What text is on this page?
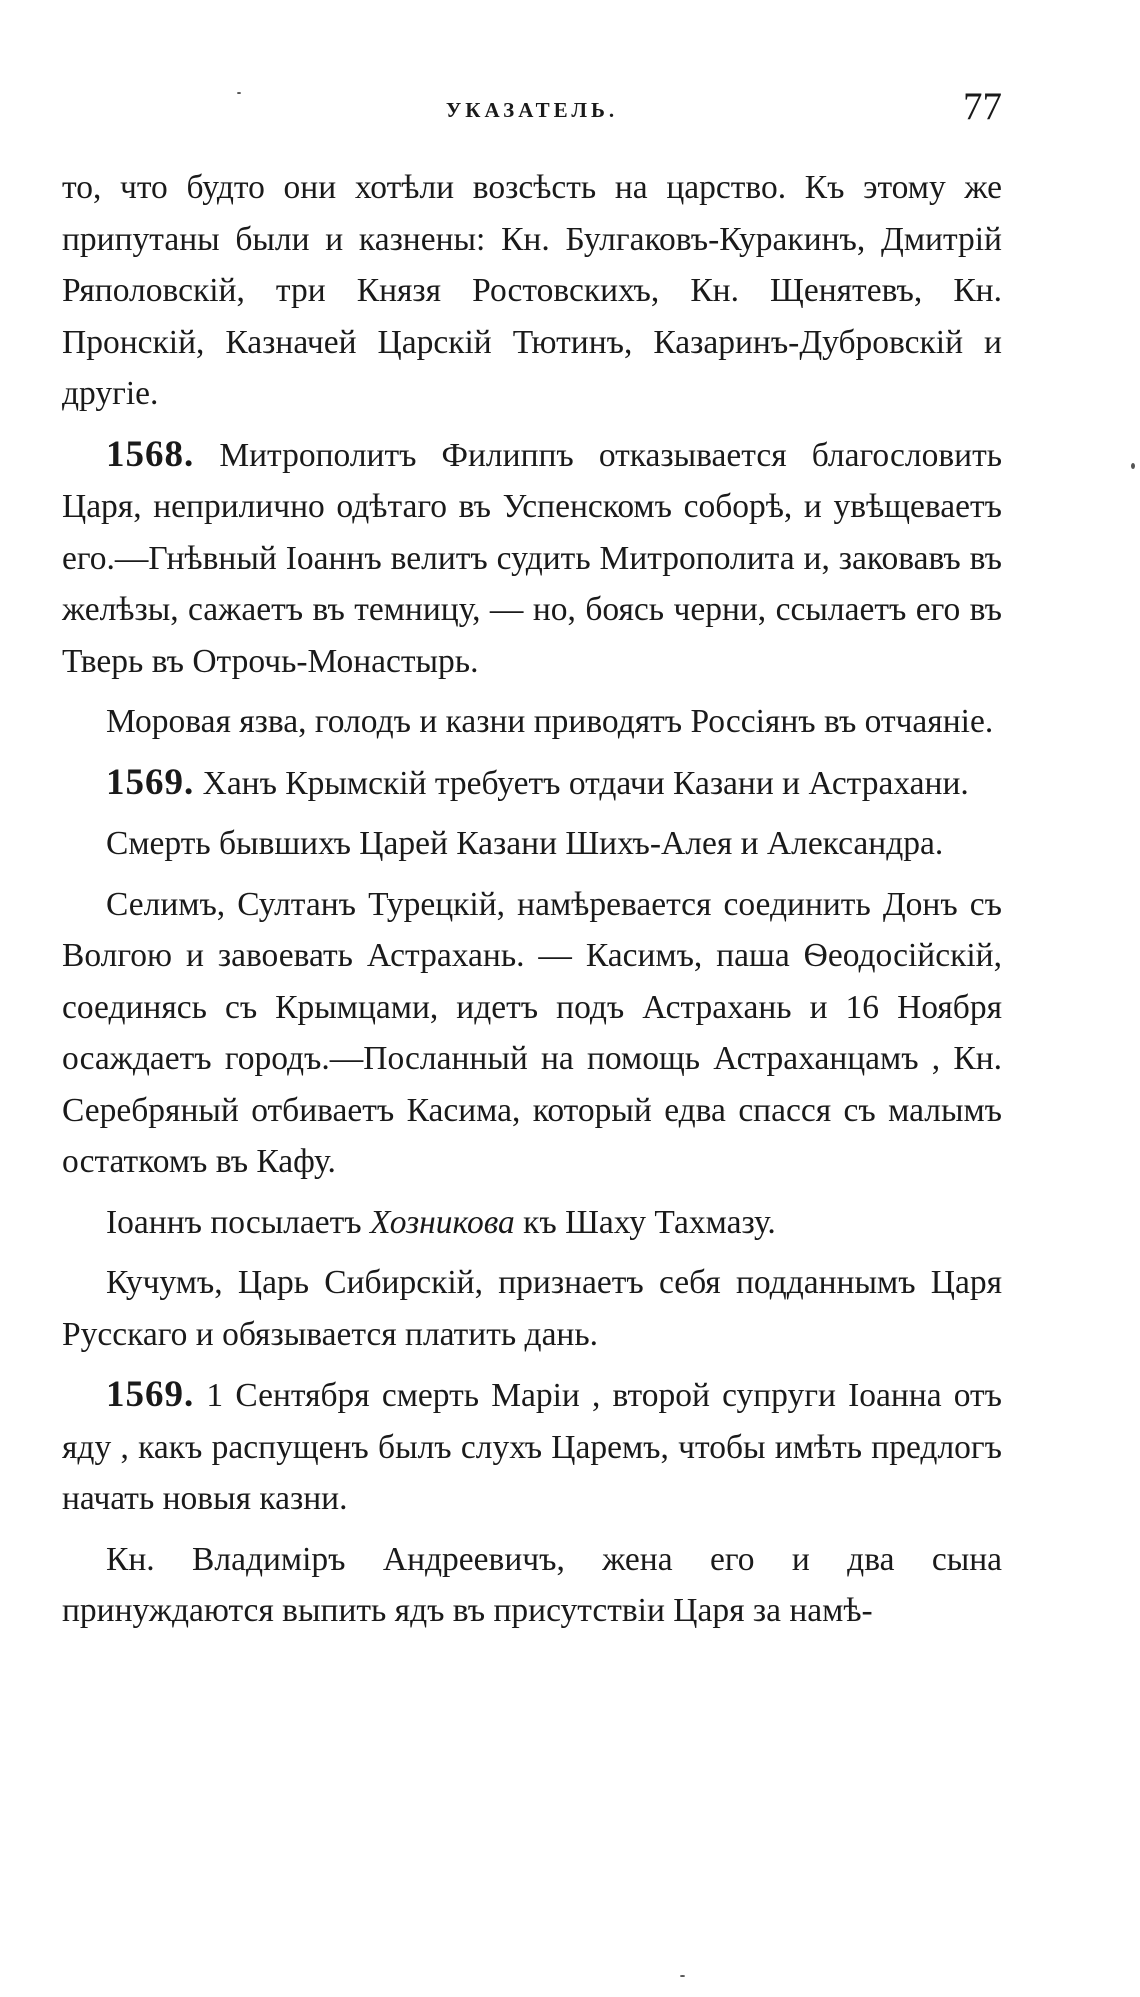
УКАЗАТЕЛЬ.	77

то, что будто они хотѣли возсѣсть на царство. Къ этому же припутаны были и казнены: Кн. Булгаковъ-Куракинъ, Дмитрій Ряполовскій, три Князя Ростовскихъ, Кн. Щенятевъ, Кн. Пронскій, Казначей Царскій Тютинъ, Казаринъ-Дубровскій и другіе.

1568. Митрополитъ Филиппъ отказывается благословить Царя, неприлично одѣтаго въ Успенскомъ соборѣ, и увѣщеваетъ его.—Гнѣвный Іоаннъ велитъ судить Митрополита и, заковавъ въ желѣзы, сажаетъ въ темницу, — но, боясь черни, ссылаетъ его въ Тверь въ Отрочь-Монастырь.

Моровая язва, голодъ и казни приводятъ Россіянъ въ отчаяніе.

1569. Ханъ Крымскій требуетъ отдачи Казани и Астрахани.

Смерть бывшихъ Царей Казани Шихъ-Алея и Александра.

Селимъ, Султанъ Турецкій, намѣревается соединить Донъ съ Волгою и завоевать Астрахань. — Касимъ, паша Ѳеодосійскій, соединясь съ Крымцами, идетъ подъ Астрахань и 16 Ноября осаждаетъ городъ.—Посланный на помощь Астраханцамъ , Кн. Серебряный отбиваетъ Касима, который едва спасся съ малымъ остаткомъ въ Кафу.

Іоаннъ посылаетъ Хозникова къ Шаху Тахмазу.

Кучумъ, Царь Сибирскій, признаетъ себя подданнымъ Царя Русскаго и обязывается платить дань.

1569. 1 Сентября смерть Маріи , второй супруги Іоанна отъ яду , какъ распущенъ былъ слухъ Царемъ, чтобы имѣть предлогъ начать новыя казни.

Кн. Владиміръ Андреевичъ, жена его и два сына принуждаются выпить ядъ въ присутствіи Царя за намѣ-
